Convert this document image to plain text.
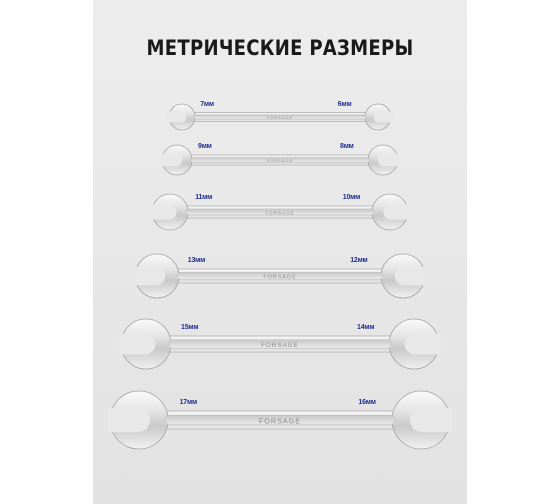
МЕТРИЧЕСКИЕ РАЗМЕРЫ
FORSAGE
FORSAGE
FORSAGE
FORSAGE
FORSAGE
FORSAGE
7мм	6мм
9мм	8мм
11мм	10мм
13мм	12мм
15мм	14мм
17мм	16мм
